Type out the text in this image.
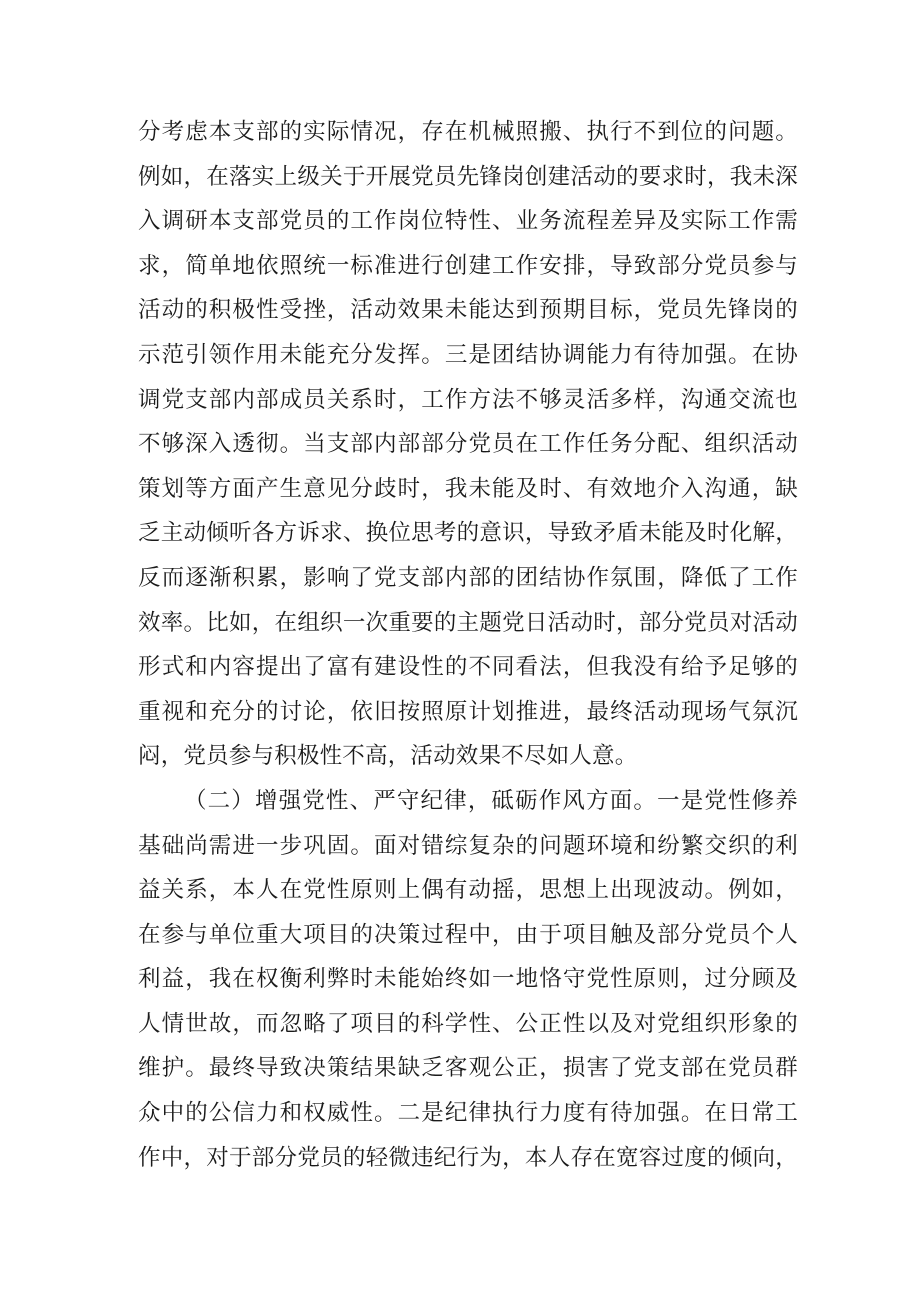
分考虑本支部的实际情况，存在机械照搬、执行不到位的问题。
例如，在落实上级关于开展党员先锋岗创建活动的要求时，我未深
入调研本支部党员的工作岗位特性、业务流程差异及实际工作需
求，简单地依照统一标准进行创建工作安排，导致部分党员参与
活动的积极性受挫，活动效果未能达到预期目标，党员先锋岗的
示范引领作用未能充分发挥。三是团结协调能力有待加强。在协
调党支部内部成员关系时，工作方法不够灵活多样，沟通交流也
不够深入透彻。当支部内部部分党员在工作任务分配、组织活动
策划等方面产生意见分歧时，我未能及时、有效地介入沟通，缺
乏主动倾听各方诉求、换位思考的意识，导致矛盾未能及时化解，
反而逐渐积累，影响了党支部内部的团结协作氛围，降低了工作
效率。比如，在组织一次重要的主题党日活动时，部分党员对活动
形式和内容提出了富有建设性的不同看法，但我没有给予足够的
重视和充分的讨论，依旧按照原计划推进，最终活动现场气氛沉
闷，党员参与积极性不高，活动效果不尽如人意。
（二）增强党性、严守纪律，砥砺作风方面。一是党性修养
基础尚需进一步巩固。面对错综复杂的问题环境和纷繁交织的利
益关系，本人在党性原则上偶有动摇，思想上出现波动。例如，
在参与单位重大项目的决策过程中，由于项目触及部分党员个人
利益，我在权衡利弊时未能始终如一地恪守党性原则，过分顾及
人情世故，而忽略了项目的科学性、公正性以及对党组织形象的
维护。最终导致决策结果缺乏客观公正，损害了党支部在党员群
众中的公信力和权威性。二是纪律执行力度有待加强。在日常工
作中，对于部分党员的轻微违纪行为，本人存在宽容过度的倾向，
